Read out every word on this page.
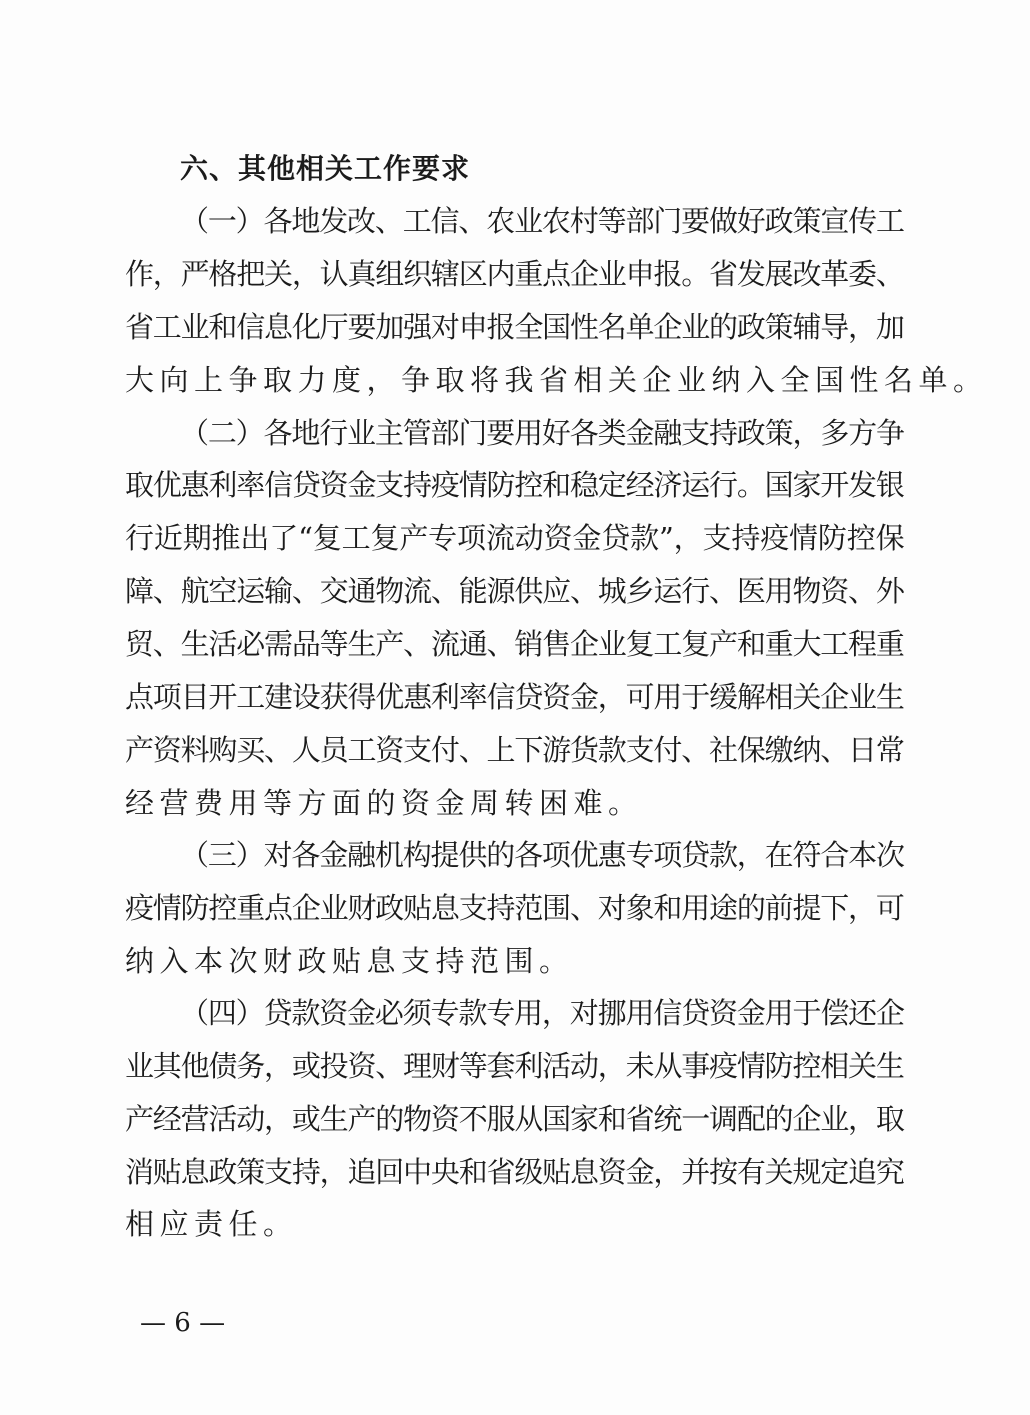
六、其他相关工作要求
（一）各地发改、工信、农业农村等部门要做好政策宣传工
作，严格把关，认真组织辖区内重点企业申报。省发展改革委、
省工业和信息化厅要加强对申报全国性名单企业的政策辅导，加
大向上争取力度，争取将我省相关企业纳入全国性名单。
（二）各地行业主管部门要用好各类金融支持政策，多方争
取优惠利率信贷资金支持疫情防控和稳定经济运行。国家开发银
行近期推出了“复工复产专项流动资金贷款”，支持疫情防控保
障、航空运输、交通物流、能源供应、城乡运行、医用物资、外
贸、生活必需品等生产、流通、销售企业复工复产和重大工程重
点项目开工建设获得优惠利率信贷资金，可用于缓解相关企业生
产资料购买、人员工资支付、上下游货款支付、社保缴纳、日常
经营费用等方面的资金周转困难。
（三）对各金融机构提供的各项优惠专项贷款，在符合本次
疫情防控重点企业财政贴息支持范围、对象和用途的前提下，可
纳入本次财政贴息支持范围。
（四）贷款资金必须专款专用，对挪用信贷资金用于偿还企
业其他债务，或投资、理财等套利活动，未从事疫情防控相关生
产经营活动，或生产的物资不服从国家和省统一调配的企业，取
消贴息政策支持，追回中央和省级贴息资金，并按有关规定追究
相应责任。
— 6 —
